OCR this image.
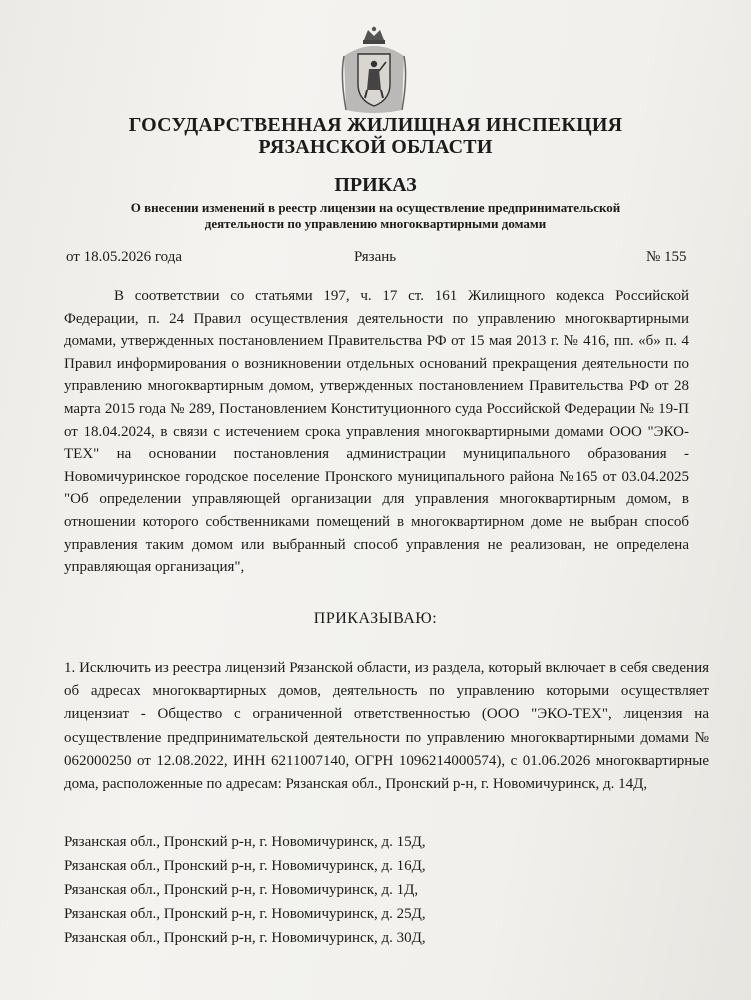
ГОСУДАРСТВЕННАЯ ЖИЛИЩНАЯ ИНСПЕКЦИЯ
РЯЗАНСКОЙ ОБЛАСТИ
ПРИКАЗ
О внесении изменений в реестр лицензии на осуществление предпринимательской
деятельности по управлению многоквартирными домами
от 18.05.2026 года	Рязань	№ 155

В соответствии со статьями 197, ч. 17 ст. 161 Жилищного кодекса Российской Федерации, п. 24 Правил осуществления деятельности по управлению многоквартирными домами, утвержденных постановлением Правительства РФ от 15 мая 2013 г. № 416, пп. «б» п. 4 Правил информирования о возникновении отдельных оснований прекращения деятельности по управлению многоквартирным домом, утвержденных постановлением Правительства РФ от 28 марта 2015 года № 289, Постановлением Конституционного суда Российской Федерации № 19-П от 18.04.2024, в связи с истечением срока управления многоквартирными домами ООО "ЭКО-ТЕХ" на основании постановления администрации муниципального образования - Новомичуринское городское поселение Пронского муниципального района №165 от 03.04.2025 "Об определении управляющей организации для управления многоквартирным домом, в отношении которого собственниками помещений в многоквартирном доме не выбран способ управления таким домом или выбранный способ управления не реализован, не определена управляющая организация",

ПРИКАЗЫВАЮ:

1. Исключить из реестра лицензий Рязанской области, из раздела, который включает в себя сведения об адресах многоквартирных домов, деятельность по управлению которыми осуществляет лицензиат - Общество с ограниченной ответственностью (ООО "ЭКО-ТЕХ", лицензия на осуществление предпринимательской деятельности по управлению многоквартирными домами № 062000250 от 12.08.2022, ИНН 6211007140, ОГРН 1096214000574), с 01.06.2026 многоквартирные дома, расположенные по адресам: Рязанская обл., Пронский р-н, г. Новомичуринск, д. 14Д,

Рязанская обл., Пронский р-н, г. Новомичуринск, д. 15Д,
Рязанская обл., Пронский р-н, г. Новомичуринск, д. 16Д,
Рязанская обл., Пронский р-н, г. Новомичуринск, д. 1Д,
Рязанская обл., Пронский р-н, г. Новомичуринск, д. 25Д,
Рязанская обл., Пронский р-н, г. Новомичуринск, д. 30Д,
